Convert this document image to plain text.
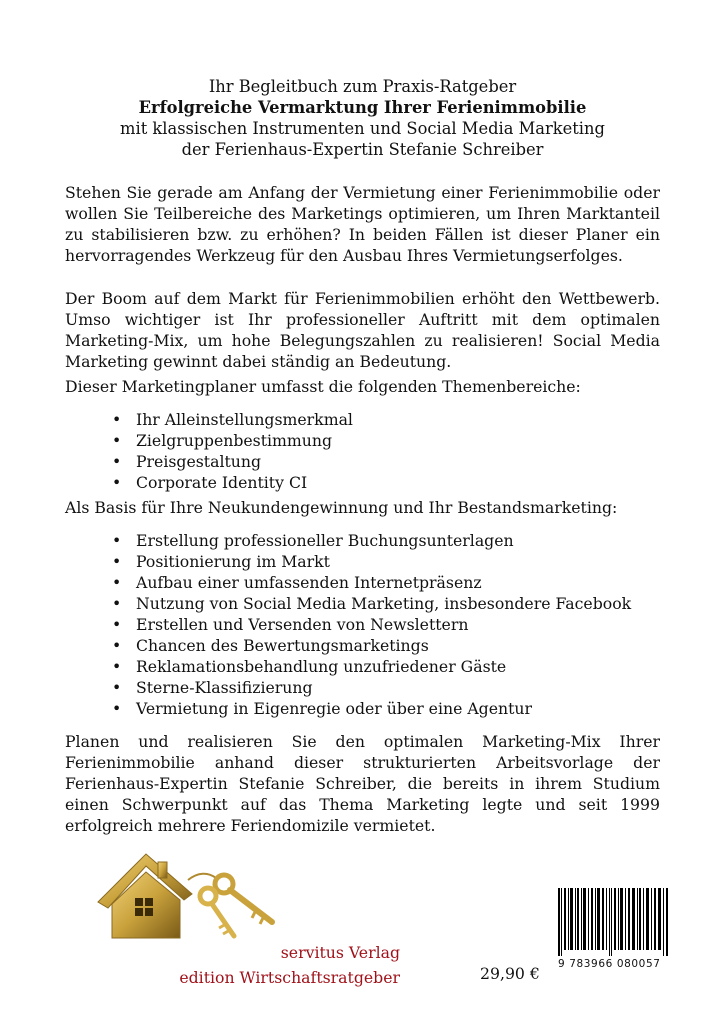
Ihr Begleitbuch zum Praxis-Ratgeber
Erfolgreiche Vermarktung Ihrer Ferienimmobilie
mit klassischen Instrumenten und Social Media Marketing
der Ferienhaus-Expertin Stefanie Schreiber

Stehen Sie gerade am Anfang der Vermietung einer Ferienimmobilie oder wollen Sie Teilbereiche des Marketings optimieren, um Ihren Marktanteil zu stabilisieren bzw. zu erhöhen? In beiden Fällen ist dieser Planer ein hervorragendes Werkzeug für den Ausbau Ihres Vermietungserfolges.

Der Boom auf dem Markt für Ferienimmobilien erhöht den Wettbewerb. Umso wichtiger ist Ihr professioneller Auftritt mit dem optimalen Marketing-Mix, um hohe Belegungszahlen zu realisieren! Social Media Marketing gewinnt dabei ständig an Bedeutung.

Dieser Marketingplaner umfasst die folgenden Themenbereiche:

• Ihr Alleinstellungsmerkmal
• Zielgruppenbestimmung
• Preisgestaltung
• Corporate Identity CI

Als Basis für Ihre Neukundengewinnung und Ihr Bestandsmarketing:

• Erstellung professioneller Buchungsunterlagen
• Positionierung im Markt
• Aufbau einer umfassenden Internetpräsenz
• Nutzung von Social Media Marketing, insbesondere Facebook
• Erstellen und Versenden von Newslettern
• Chancen des Bewertungsmarketings
• Reklamationsbehandlung unzufriedener Gäste
• Sterne-Klassifizierung
• Vermietung in Eigenregie oder über eine Agentur

Planen und realisieren Sie den optimalen Marketing-Mix Ihrer Ferienimmobilie anhand dieser strukturierten Arbeitsvorlage der Ferienhaus-Expertin Stefanie Schreiber, die bereits in ihrem Studium einen Schwerpunkt auf das Thema Marketing legte und seit 1999 erfolgreich mehrere Feriendomizile vermietet.

servitus Verlag
edition Wirtschaftsratgeber	29,90 € 9 783966 080057
